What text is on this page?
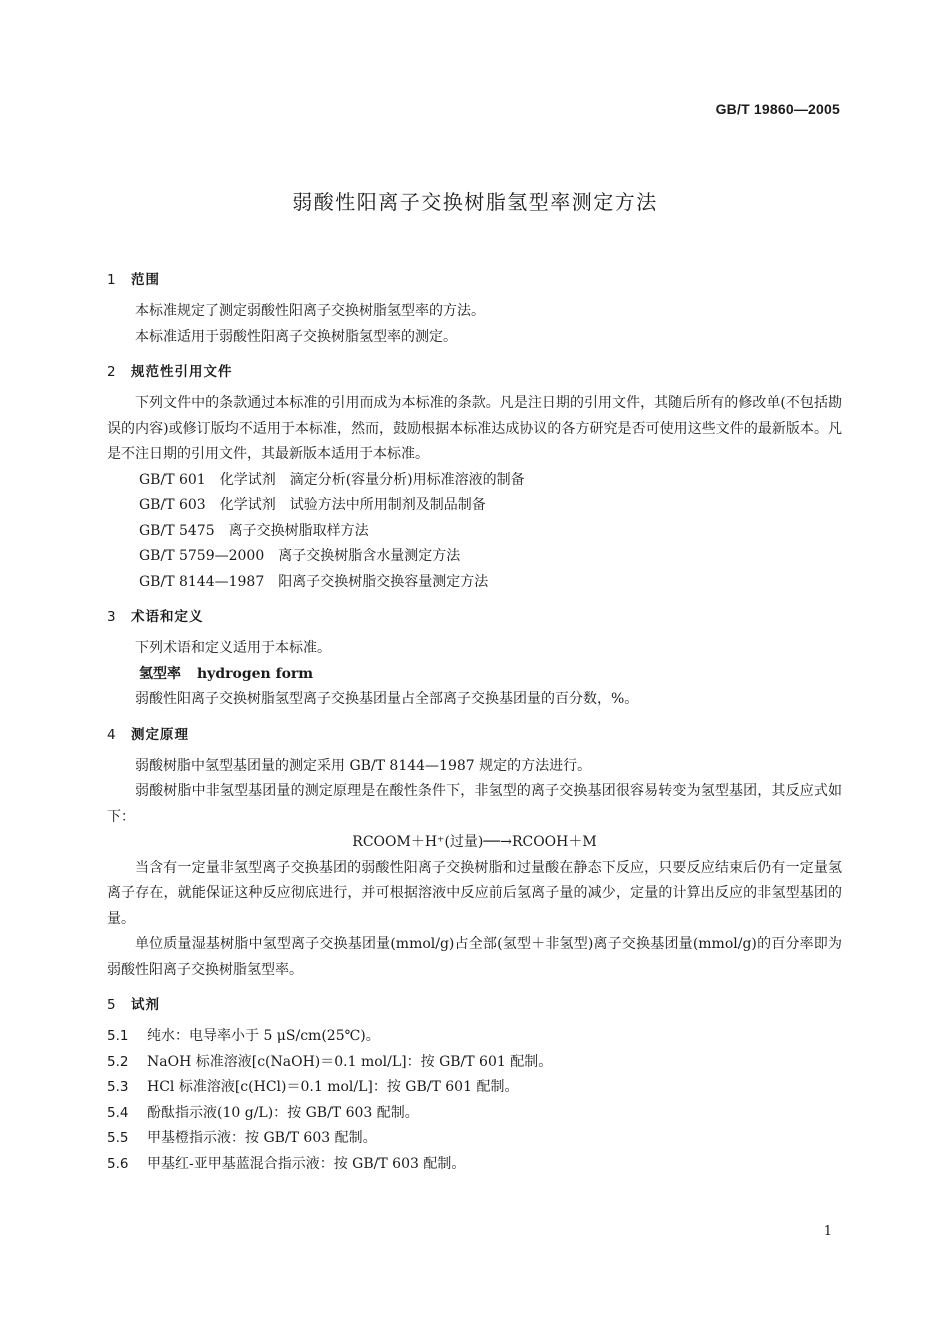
GB/T 19860—2005
弱酸性阳离子交换树脂氢型率测定方法

1 范围

本标准规定了测定弱酸性阳离子交换树脂氢型率的方法。

本标准适用于弱酸性阳离子交换树脂氢型率的测定。

2 规范性引用文件

下列文件中的条款通过本标准的引用而成为本标准的条款。凡是注日期的引用文件，其随后所有的修改单(不包括勘误的内容)或修订版均不适用于本标准，然而，鼓励根据本标准达成协议的各方研究是否可使用这些文件的最新版本。凡是不注日期的引用文件，其最新版本适用于本标准。

GB/T 601 化学试剂　滴定分析(容量分析)用标准溶液的制备

GB/T 603 化学试剂　试验方法中所用制剂及制品制备

GB/T 5475 离子交换树脂取样方法

GB/T 5759—2000 离子交换树脂含水量测定方法

GB/T 8144—1987 阳离子交换树脂交换容量测定方法

3 术语和定义

下列术语和定义适用于本标准。

氢型率 hydrogen form

弱酸性阳离子交换树脂氢型离子交换基团量占全部离子交换基团量的百分数，%。

4 测定原理

弱酸树脂中氢型基团量的测定采用 GB/T 8144—1987 规定的方法进行。

弱酸树脂中非氢型基团量的测定原理是在酸性条件下，非氢型的离子交换基团很容易转变为氢型基团，其反应式如下：

RCOOM＋H⁺(过量)──→RCOOH＋M

当含有一定量非氢型离子交换基团的弱酸性阳离子交换树脂和过量酸在静态下反应，只要反应结束后仍有一定量氢离子存在，就能保证这种反应彻底进行，并可根据溶液中反应前后氢离子量的减少，定量的计算出反应的非氢型基团的量。

单位质量湿基树脂中氢型离子交换基团量(mmol/g)占全部(氢型＋非氢型)离子交换基团量(mmol/g)的百分率即为弱酸性阳离子交换树脂氢型率。

5 试剂

5.1 纯水：电导率小于 5 μS/cm(25℃)。

5.2 NaOH 标准溶液[c(NaOH)＝0.1 mol/L]：按 GB/T 601 配制。

5.3 HCl 标准溶液[c(HCl)＝0.1 mol/L]：按 GB/T 601 配制。

5.4 酚酞指示液(10 g/L)：按 GB/T 603 配制。

5.5 甲基橙指示液：按 GB/T 603 配制。

5.6 甲基红-亚甲基蓝混合指示液：按 GB/T 603 配制。

1
